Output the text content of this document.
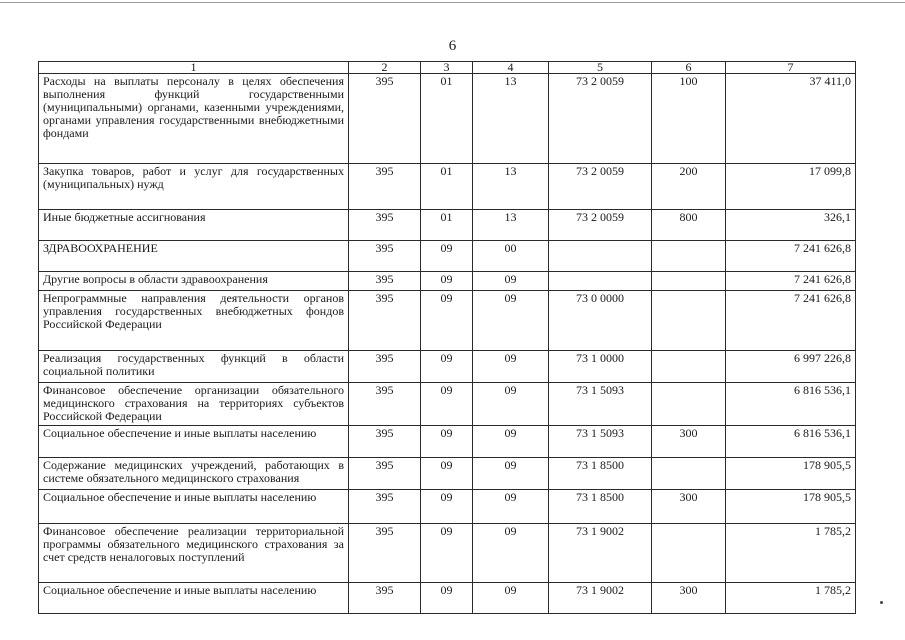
6
1	2	3	4	5	6	7
Расходы на выплаты персоналу в целях обеспечения выполнения функций государственными (муниципальными) органами, казенными учреждениями, органами управления государственными внебюджетными фондами	395	01	13	73 2 0059	100	37 411,0
Закупка товаров, работ и услуг для государственных (муниципальных) нужд	395	01	13	73 2 0059	200	17 099,8
Иные бюджетные ассигнования	395	01	13	73 2 0059	800	326,1
ЗДРАВООХРАНЕНИЕ	395	09	00			7 241 626,8
Другие вопросы в области здравоохранения	395	09	09			7 241 626,8
Непрограммные направления деятельности органов управления государственных внебюджетных фондов Российской Федерации	395	09	09	73 0 0000		7 241 626,8
Реализация государственных функций в области социальной политики	395	09	09	73 1 0000		6 997 226,8
Финансовое обеспечение организации обязательного медицинского страхования на территориях субъектов Российской Федерации	395	09	09	73 1 5093		6 816 536,1
Социальное обеспечение и иные выплаты населению	395	09	09	73 1 5093	300	6 816 536,1
Содержание медицинских учреждений, работающих в системе обязательного медицинского страхования	395	09	09	73 1 8500		178 905,5
Социальное обеспечение и иные выплаты населению	395	09	09	73 1 8500	300	178 905,5
Финансовое обеспечение реализации территориальной программы обязательного медицинского страхования за счет средств неналоговых поступлений	395	09	09	73 1 9002		1 785,2
Социальное обеспечение и иные выплаты населению	395	09	09	73 1 9002	300	1 785,2
